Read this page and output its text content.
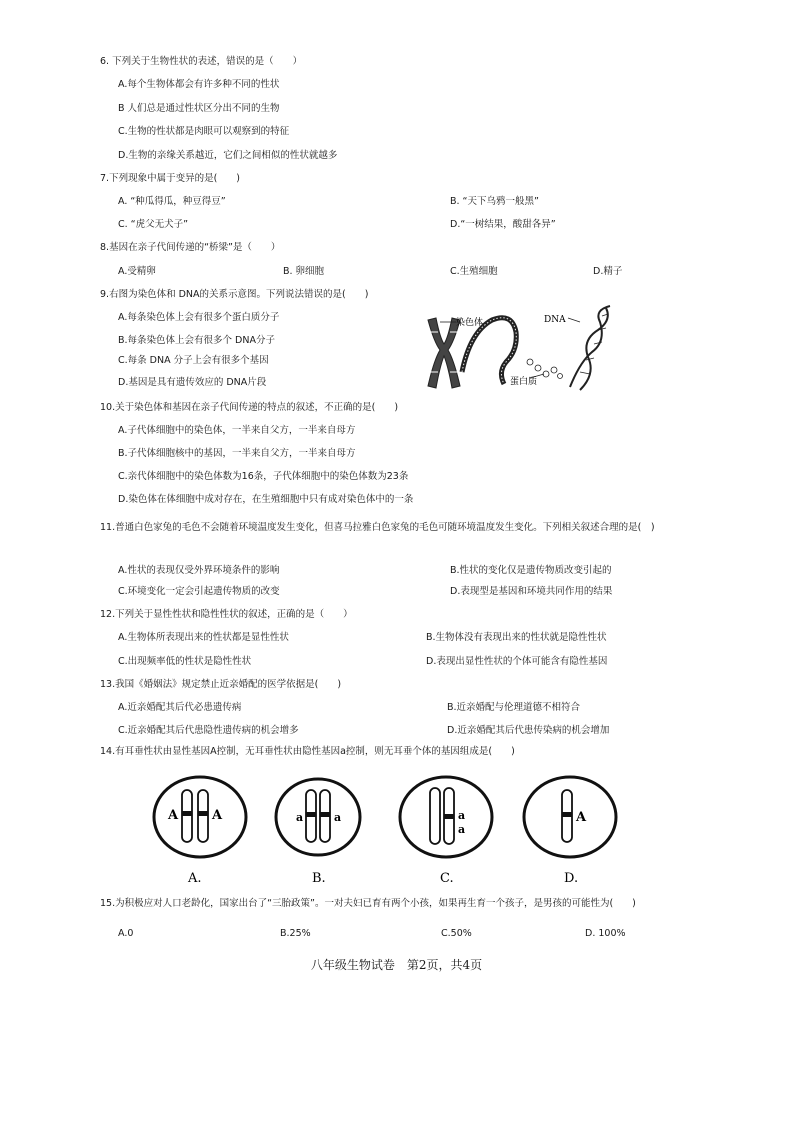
6. 下列关于生物性状的表述，错误的是（　　）
A.每个生物体都会有许多种不同的性状
B 人们总是通过性状区分出不同的生物
C.生物的性状都是肉眼可以观察到的特征
D.生物的亲缘关系越近，它们之间相似的性状就越多
7.下列现象中属于变异的是(　　)
A. “种瓜得瓜，种豆得豆”	B. “天下乌鸦一般黑”
C. “虎父无犬子”	D.“一树结果，酸甜各异”
8.基因在亲子代间传递的“桥梁”是（　　）
A.受精卵	B. 卵细胞	C.生殖细胞	D.精子
9.右图为染色体和 DNA的关系示意图。下列说法错误的是(　　)
A.每条染色体上会有很多个蛋白质分子
B.每条染色体上会有很多个 DNA分子
C.每条 DNA 分子上会有很多个基因
D.基因是具有遗传效应的 DNA片段
染色体	DNA
蛋白质
10.关于染色体和基因在亲子代间传递的特点的叙述，不正确的是(　　)
A.子代体细胞中的染色体，一半来自父方，一半来自母方
B.子代体细胞核中的基因，一半来自父方，一半来自母方
C.亲代体细胞中的染色体数为16条，子代体细胞中的染色体数为23条
D.染色体在体细胞中成对存在，在生殖细胞中只有成对染色体中的一条
11.普通白色家兔的毛色不会随着环境温度发生变化，但喜马拉雅白色家兔的毛色可随环境温度发生变化。下列相关叙述合理的是(　)
A.性状的表现仅受外界环境条件的影响	B.性状的变化仅是遗传物质改变引起的
C.环境变化一定会引起遗传物质的改变	D.表现型是基因和环境共同作用的结果
12.下列关于显性性状和隐性性状的叙述，正确的是（　　）
A.生物体所表现出来的性状都是显性性状	B.生物体没有表现出来的性状就是隐性性状
C.出现频率低的性状是隐性性状	D.表现出显性性状的个体可能含有隐性基因
13.我国《婚姻法》规定禁止近亲婚配的医学依据是(　　)
A.近亲婚配其后代必患遗传病	B.近亲婚配与伦理道德不相符合
C.近亲婚配其后代患隐性遗传病的机会增多	D.近亲婚配其后代患传染病的机会增加
14.有耳垂性状由显性基因A控制，无耳垂性状由隐性基因a控制，则无耳垂个体的基因组成是(　　)
A	A
A.
a	a
B.
a
a
C.
A
D.
15.为积极应对人口老龄化，国家出台了“三胎政策”。一对夫妇已育有两个小孩，如果再生育一个孩子，是男孩的可能性为(　　)
A.0	B.25%	C.50%	D. 100%
八年级生物试卷　第2页，共4页
